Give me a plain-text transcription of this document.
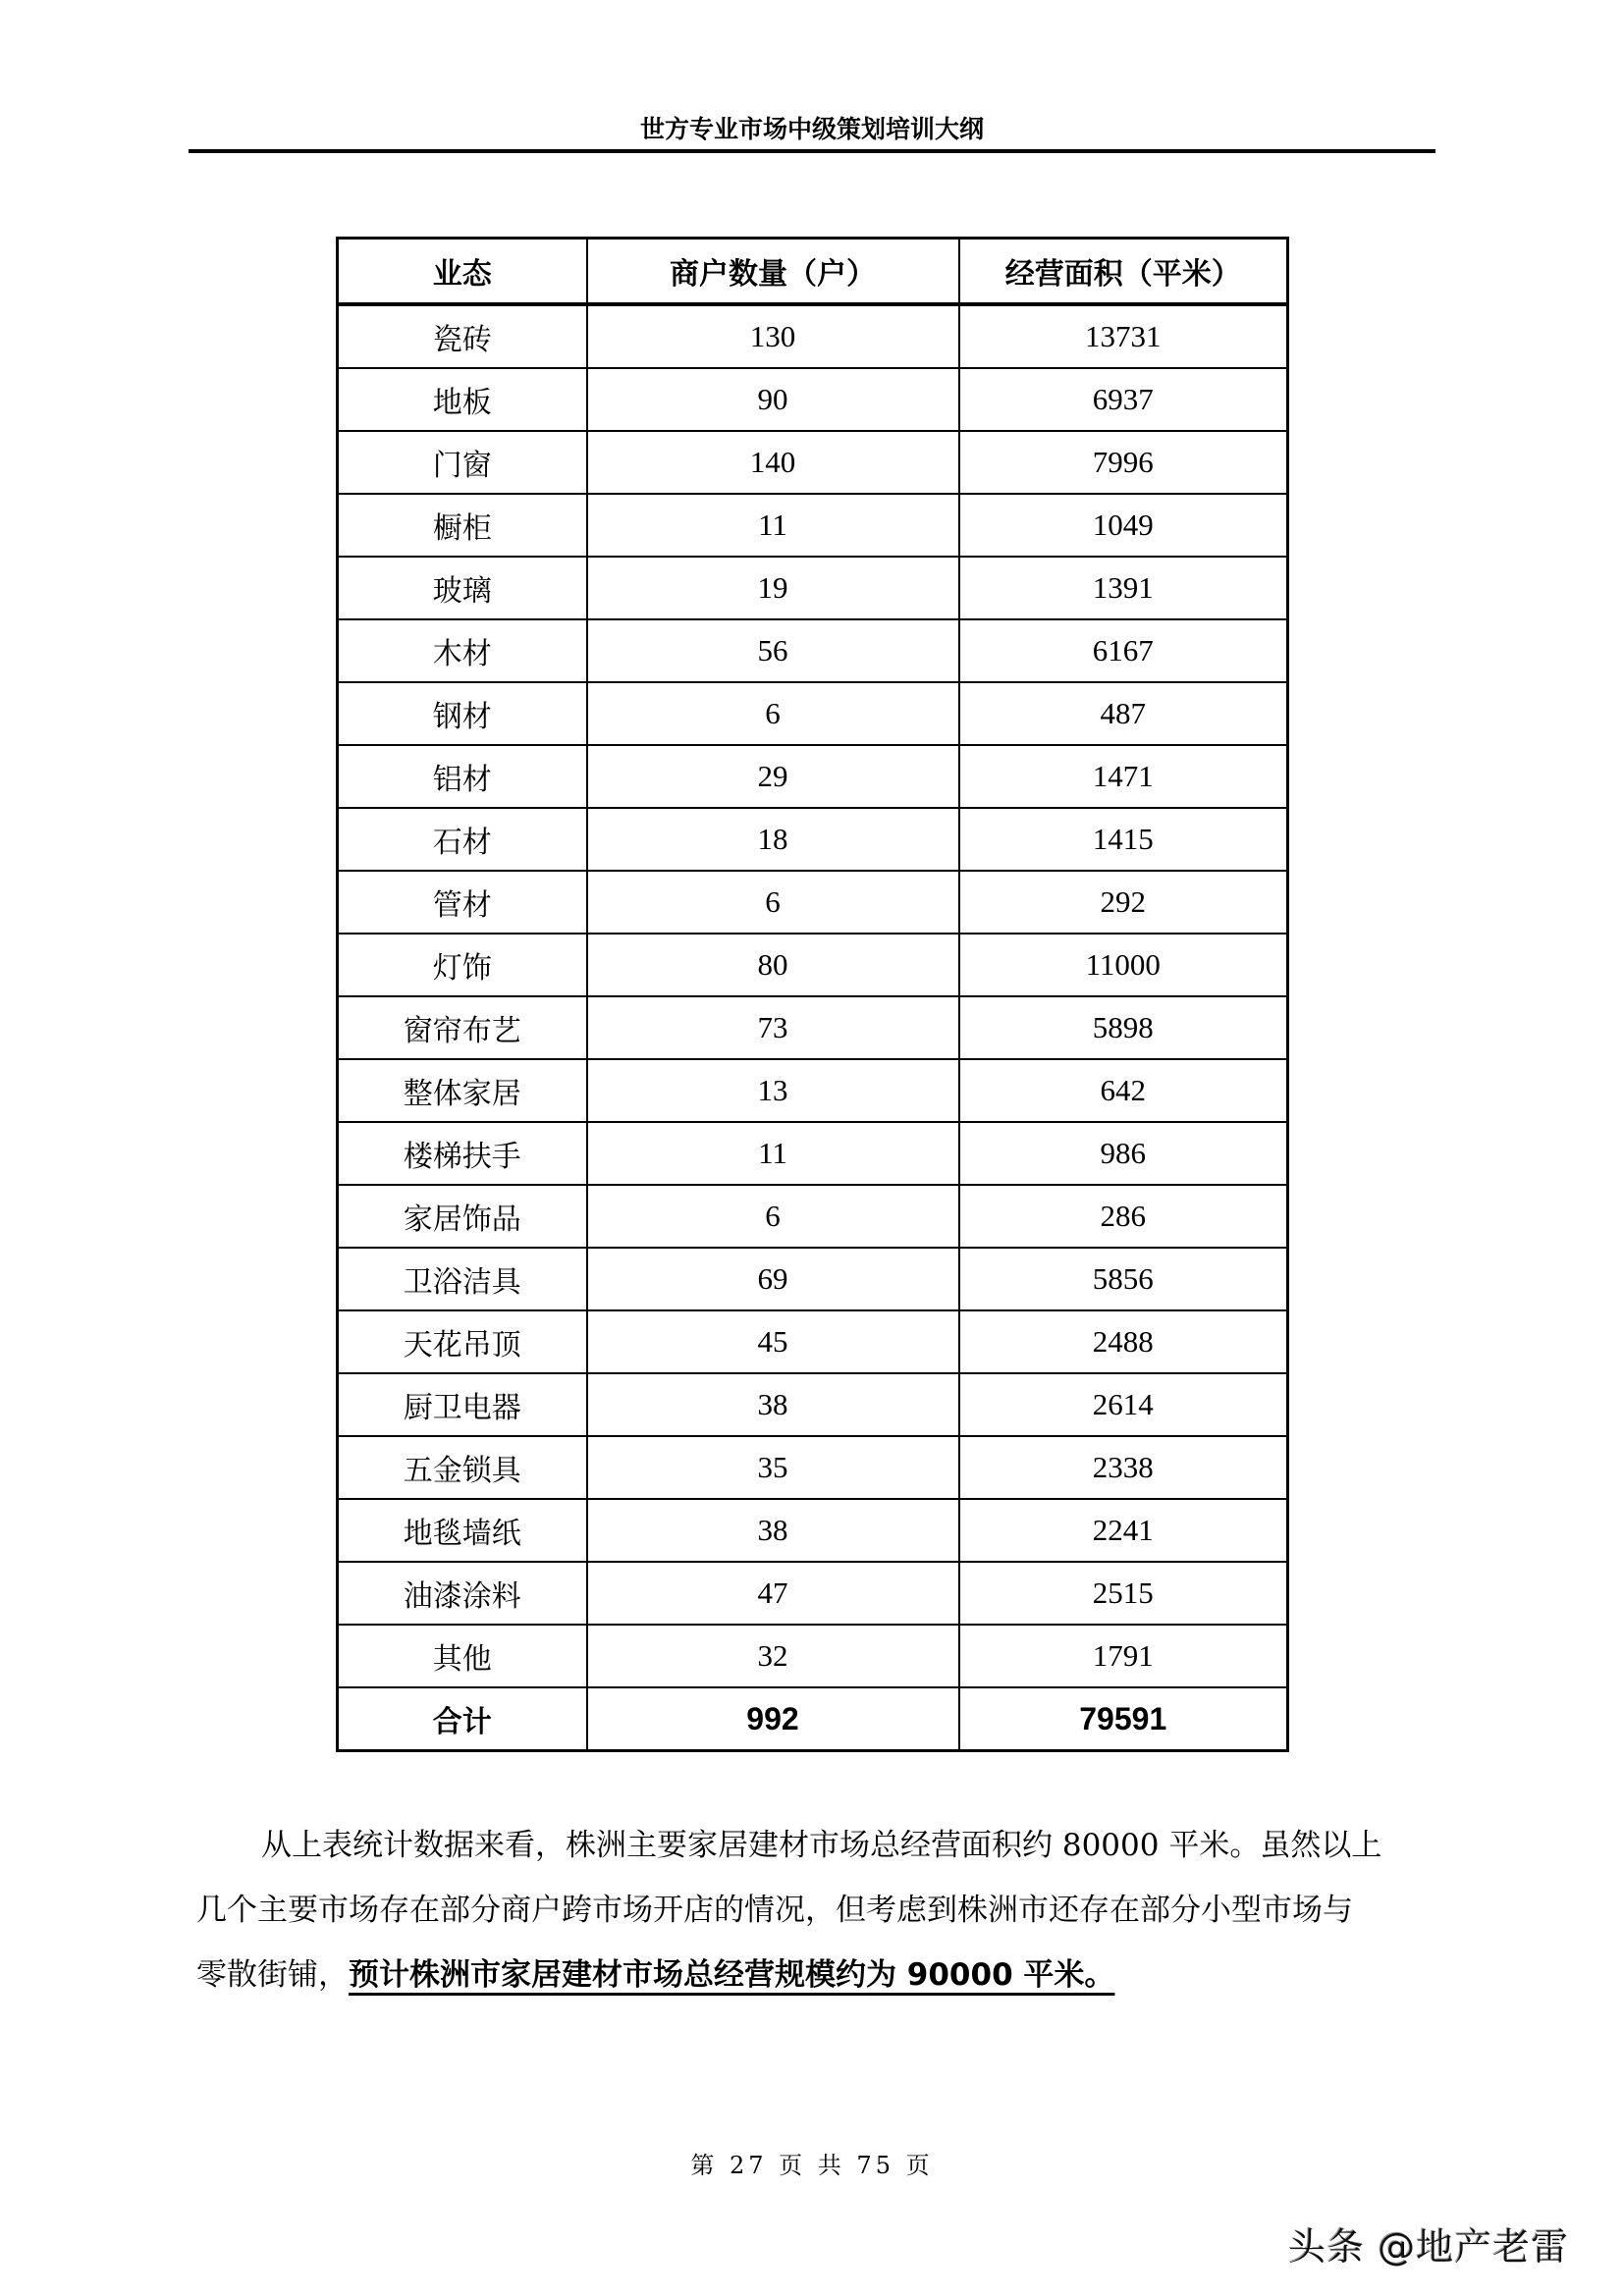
世方专业市场中级策划培训大纲
业态	商户数量（户）	经营面积（平米）
瓷砖	130	13731
地板	90	6937
门窗	140	7996
橱柜	11	1049
玻璃	19	1391
木材	56	6167
钢材	6	487
铝材	29	1471
石材	18	1415
管材	6	292
灯饰	80	11000
窗帘布艺	73	5898
整体家居	13	642
楼梯扶手	11	986
家居饰品	6	286
卫浴洁具	69	5856
天花吊顶	45	2488
厨卫电器	38	2614
五金锁具	35	2338
地毯墙纸	38	2241
油漆涂料	47	2515
其他	32	1791
合计	992	79591
从上表统计数据来看，株洲主要家居建材市场总经营面积约 80000 平米。虽然以上
几个主要市场存在部分商户跨市场开店的情况，但考虑到株洲市还存在部分小型市场与
零散街铺，预计株洲市家居建材市场总经营规模约为 90000 平米。
第 27 页 共 75 页
头条 @地产老雷
